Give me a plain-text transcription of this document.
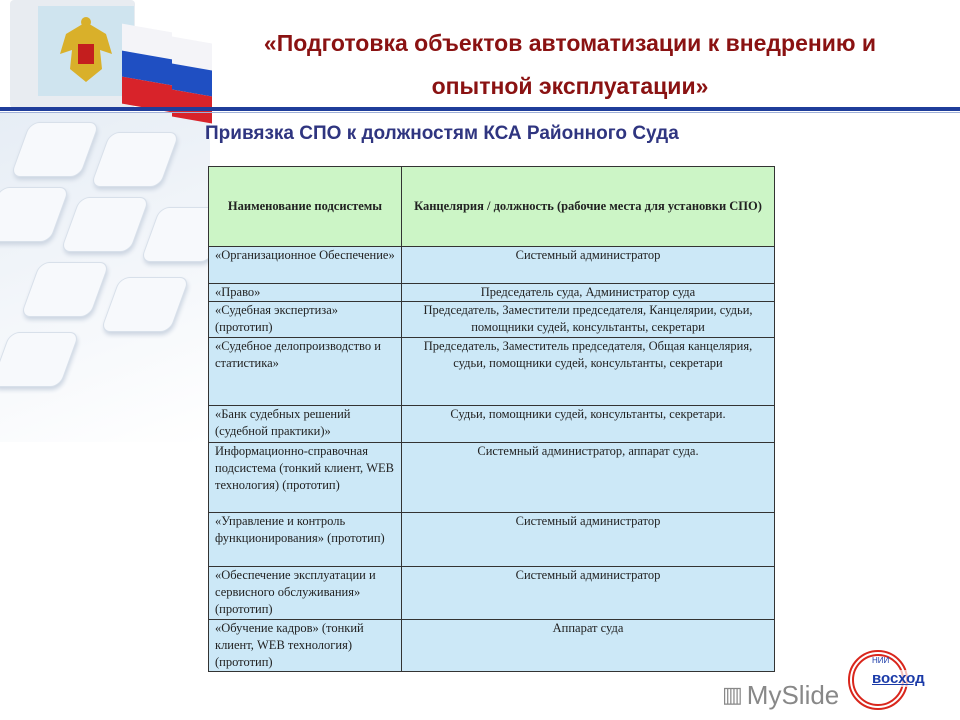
«Подготовка объектов автоматизации к внедрению и
опытной эксплуатации»
Привязка СПО к должностям КСА Районного Суда
Наименование подсистемы	Канцелярия / должность (рабочие места для установки СПО)
«Организационное Обеспечение»	Системный администратор
«Право»	Председатель суда, Администратор суда
«Судебная экспертиза» (прототип)	Председатель, Заместители председателя, Канцелярии, судьи, помощники судей, консультанты, секретари
«Судебное делопроизводство и статистика»	Председатель, Заместитель председателя, Общая канцелярия, судьи, помощники судей, консультанты, секретари
«Банк судебных решений (судебной практики)»	Судьи, помощники судей, консультанты, секретари.
Информационно-справочная подсистема (тонкий клиент, WEB технология) (прототип)	Системный администратор, аппарат суда.
«Управление и контроль функционирования» (прототип)	Системный администратор
«Обеспечение эксплуатации и сервисного обслуживания» (прототип)	Системный администратор
«Обучение кадров» (тонкий клиент, WEB технология) (прототип)	Аппарат суда
▥ MySlide
НИИ
восход
